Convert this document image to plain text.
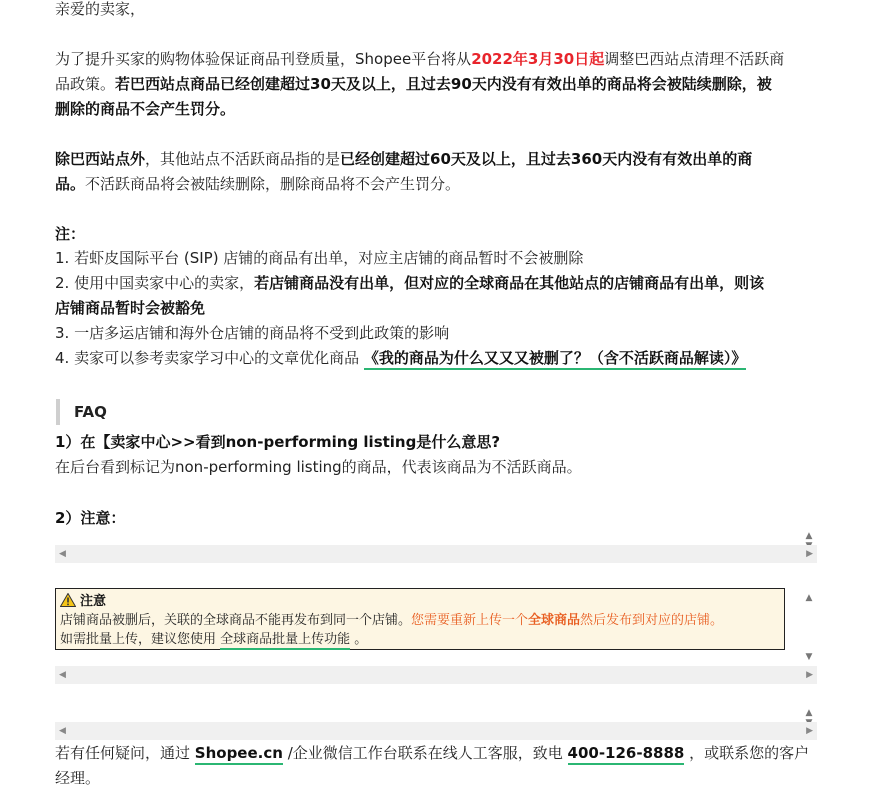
亲爱的卖家，
为了提升买家的购物体验保证商品刊登质量，Shopee平台将从2022年3月30日起调整巴西站点清理不活跃商
品政策。若巴西站点商品已经创建超过30天及以上，且过去90天内没有有效出单的商品将会被陆续删除，被
删除的商品不会产生罚分。
除巴西站点外，其他站点不活跃商品指的是已经创建超过60天及以上，且过去360天内没有有效出单的商
品。不活跃商品将会被陆续删除，删除商品将不会产生罚分。
注：
1. 若虾皮国际平台 (SIP) 店铺的商品有出单，对应主店铺的商品暂时不会被删除
2. 使用中国卖家中心的卖家，若店铺商品没有出单，但对应的全球商品在其他站点的店铺商品有出单，则该
店铺商品暂时会被豁免
3. 一店多运店铺和海外仓店铺的商品将不受到此政策的影响
4. 卖家可以参考卖家学习中心的文章优化商品 《我的商品为什么又又又被删了？（含不活跃商品解读）》
FAQ
1）在【卖家中心>>看到non-performing listing是什么意思?
在后台看到标记为non-performing listing的商品，代表该商品为不活跃商品。
2）注意：
▲

◀	▶
注意
店铺商品被删后，关联的全球商品不能再发布到同一个店铺。您需要重新上传一个全球商品然后发布到对应的店铺。
如需批量上传，建议您使用 全球商品批量上传功能 。
▲
▼
◀	▶
▲

◀	▶
若有任何疑问，通过 Shopee.cn /企业微信工作台联系在线人工客服，致电 400-126-8888 ，或联系您的客户
经理。
